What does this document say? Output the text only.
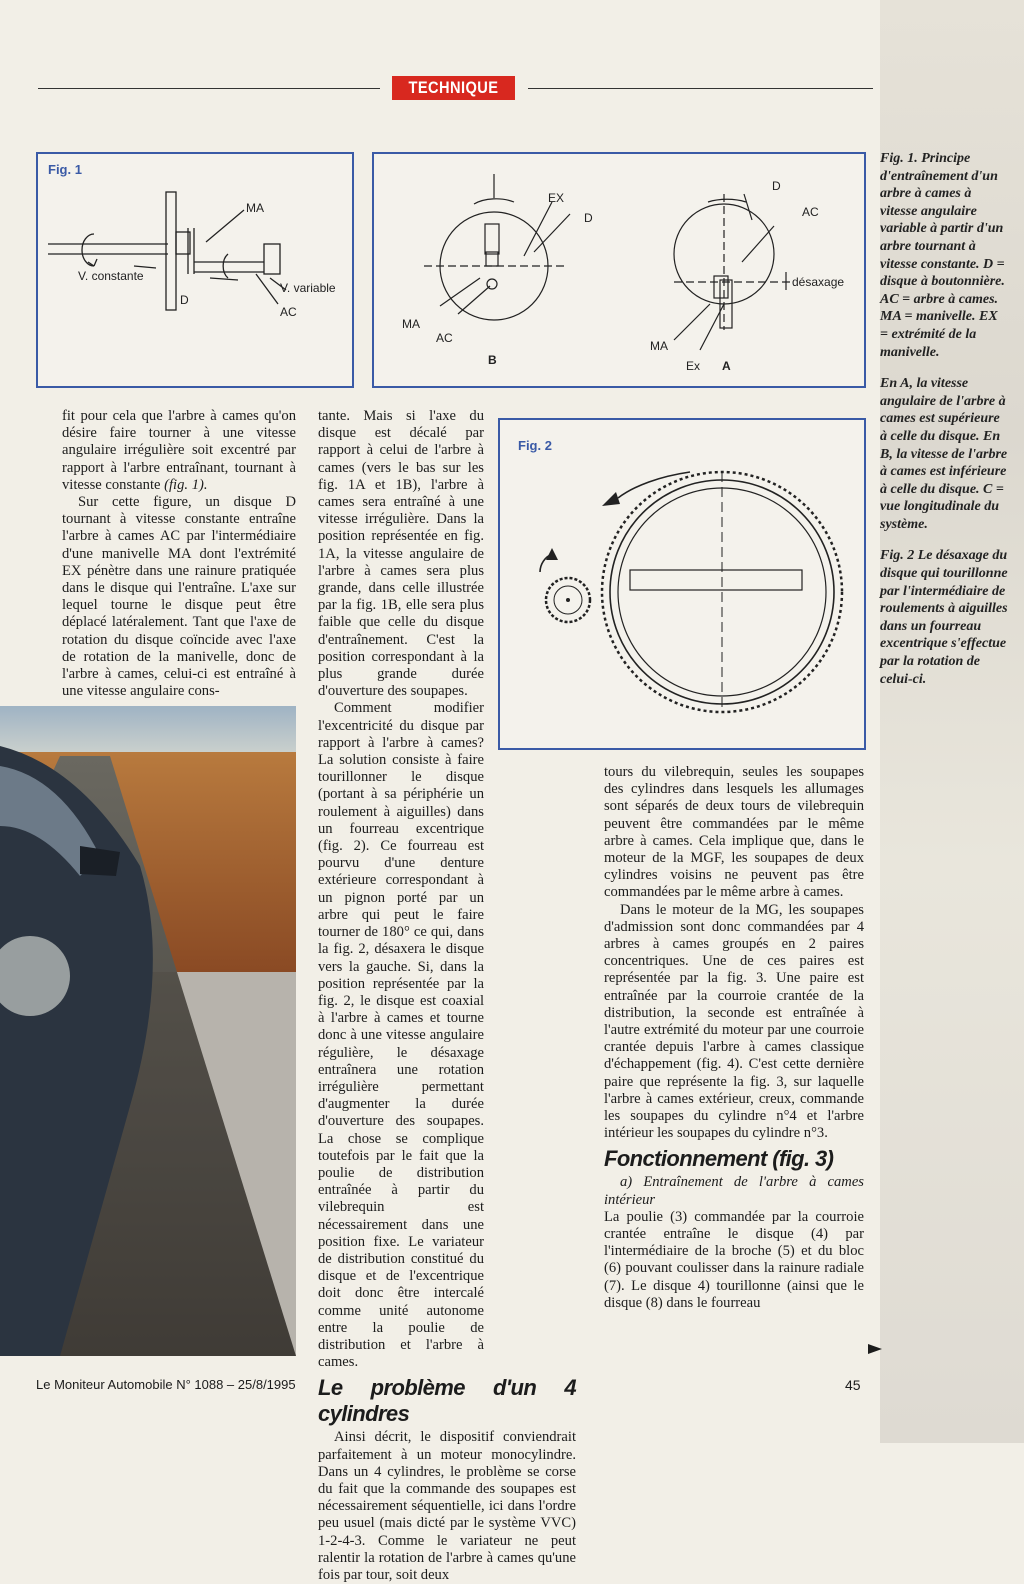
TECHNIQUE
Fig. 1
MA
V. constante
D
V. variable
AC
EX
D
MA
AC
B
D
AC
désaxage
MA
Ex A
Fig. 2

fit pour cela que l'arbre à cames qu'on désire faire tourner à une vitesse angulaire irrégulière soit excentré par rapport à l'arbre entraînant, tournant à vitesse constante (fig. 1).

Sur cette figure, un disque D tournant à vitesse constante entraîne l'arbre à cames AC par l'intermédiaire d'une manivelle MA dont l'extrémité EX pénètre dans une rainure pratiquée dans le disque qui l'entraîne. L'axe sur lequel tourne le disque peut être déplacé latéralement. Tant que l'axe de rotation du disque coïncide avec l'axe de rotation de la manivelle, donc de l'arbre à cames, celui-ci est entraîné à une vitesse angulaire cons-

tante. Mais si l'axe du disque est décalé par rapport à celui de l'arbre à cames (vers le bas sur les fig. 1A et 1B), l'arbre à cames sera entraîné à une vitesse irrégulière. Dans la position représentée en fig. 1A, la vitesse angulaire de l'arbre à cames sera plus grande, dans celle illustrée par la fig. 1B, elle sera plus faible que celle du disque d'entraînement. C'est la position correspondant à la plus grande durée d'ouverture des soupapes.

Comment modifier l'excentricité du disque par rapport à l'arbre à cames? La solution consiste à faire tourillonner le disque (portant à sa périphérie un roulement à aiguilles) dans un fourreau excentrique (fig. 2). Ce fourreau est pourvu d'une denture extérieure correspondant à un pignon porté par un arbre qui peut le faire tourner de 180° ce qui, dans la fig. 2, désaxera le disque vers la gauche. Si, dans la position représentée par la fig. 2, le disque est coaxial à l'arbre à cames et tourne donc à une vitesse angulaire régulière, le désaxage entraînera une rotation irrégulière permettant d'augmenter la durée d'ouverture des soupapes. La chose se complique toutefois par le fait que la poulie de distribution entraînée à partir du vilebrequin est nécessairement dans une position fixe. Le variateur de distribution constitué du disque et de l'excentrique doit donc être intercalé comme unité autonome entre la poulie de distribution et l'arbre à cames.

Le problème d'un 4 cylindres

Ainsi décrit, le dispositif conviendrait parfaitement à un moteur monocylindre. Dans un 4 cylindres, le problème se corse du fait que la commande des soupapes est nécessairement séquentielle, ici dans l'ordre peu usuel (mais dicté par le système VVC) 1-2-4-3. Comme le variateur ne peut ralentir la rotation de l'arbre à cames qu'une fois par tour, soit deux

tours du vilebrequin, seules les soupapes des cylindres dans lesquels les allumages sont séparés de deux tours de vilebrequin peuvent être commandées par le même arbre à cames. Cela implique que, dans le moteur de la MGF, les soupapes de deux cylindres voisins ne peuvent pas être commandées par le même arbre à cames.

Dans le moteur de la MG, les soupapes d'admission sont donc commandées par 4 arbres à cames groupés en 2 paires concentriques. Une de ces paires est représentée par la fig. 3. Une paire est entraînée par la courroie crantée de la distribution, la seconde est entraînée à l'autre extrémité du moteur par une courroie crantée depuis l'arbre à cames classique d'échappement (fig. 4). C'est cette dernière paire que représente la fig. 3, sur laquelle l'arbre à cames extérieur, creux, commande les soupapes du cylindre n°4 et l'arbre intérieur les soupapes du cylindre n°3.

Fonctionnement (fig. 3)

a) Entraînement de l'arbre à cames intérieur

La poulie (3) commandée par la courroie crantée entraîne le disque (4) par l'intermédiaire de la broche (5) et du bloc (6) pouvant coulisser dans la rainure radiale (7). Le disque 4) tourillonne (ainsi que le disque (8) dans le fourreau

Fig. 1. Principe d'entraînement d'un arbre à cames à vitesse angulaire variable à partir d'un arbre tournant à vitesse constante. D = disque à boutonnière. AC = arbre à cames. MA = manivelle. EX = extrémité de la manivelle.

En A, la vitesse angulaire de l'arbre à cames est supérieure à celle du disque. En B, la vitesse de l'arbre à cames est inférieure à celle du disque. C = vue longitudinale du système.

Fig. 2 Le désaxage du disque qui tourillonne par l'intermédiaire de roulements à aiguilles dans un fourreau excentrique s'effectue par la rotation de celui-ci.

Le Moniteur Automobile N° 1088 – 25/8/1995	45
